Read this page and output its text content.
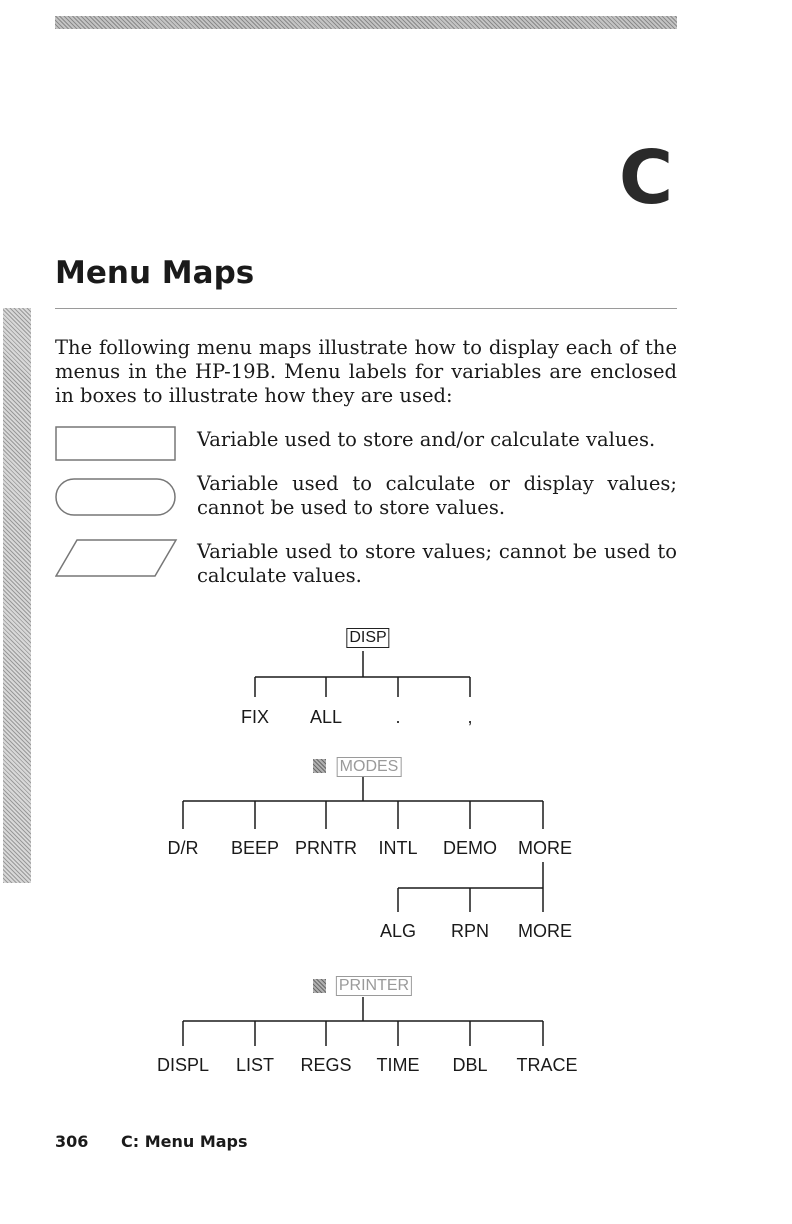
C
Menu Maps
The following menu maps illustrate how to display each of the menus in the HP-19B. Menu labels for variables are enclosed in boxes to illustrate how they are used:
Variable used to store and/or calculate values.
Variable used to calculate or display values; cannot be used to store values.
Variable used to store values; cannot be used to calculate values.
DISP
FIX ALL	.	,
MODES
D/R BEEP PRNTR INTL DEMO MORE
ALG RPN MORE
PRINTER
DISPL LIST REGS TIME DBL TRACE
306 C: Menu Maps
